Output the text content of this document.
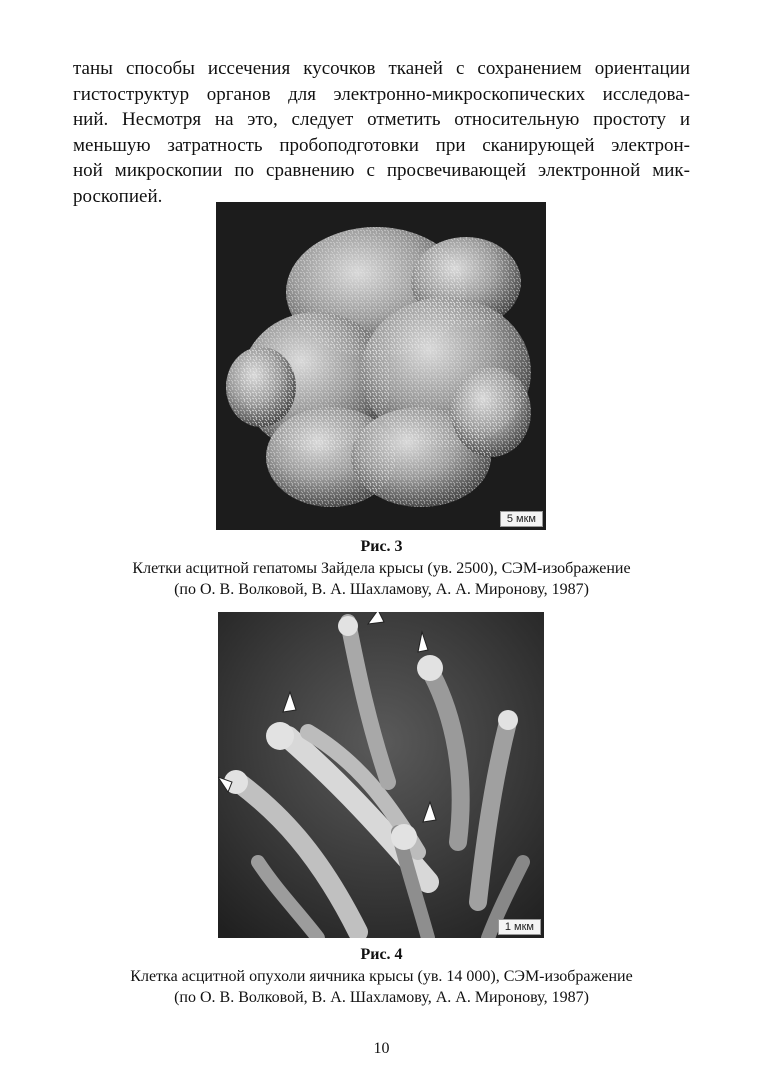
таны способы иссечения кусочков тканей с сохранением ориентации
гистоструктур органов для электронно-микроскопических исследова-
ний. Несмотря на это, следует отметить относительную простоту и
меньшую затратность пробоподготовки при сканирующей электрон-
ной микроскопии по сравнению с просвечивающей электронной мик-
роскопией.
5 мкм

Рис. 3

Клетки асцитной гепатомы Зайдела крысы (ув. 2500), СЭМ-изображение

(по О. В. Волковой, В. А. Шахламову, А. А. Миронову, 1987)

1 мкм

Рис. 4

Клетка асцитной опухоли яичника крысы (ув. 14 000), СЭМ-изображение

(по О. В. Волковой, В. А. Шахламову, А. А. Миронову, 1987)

10
